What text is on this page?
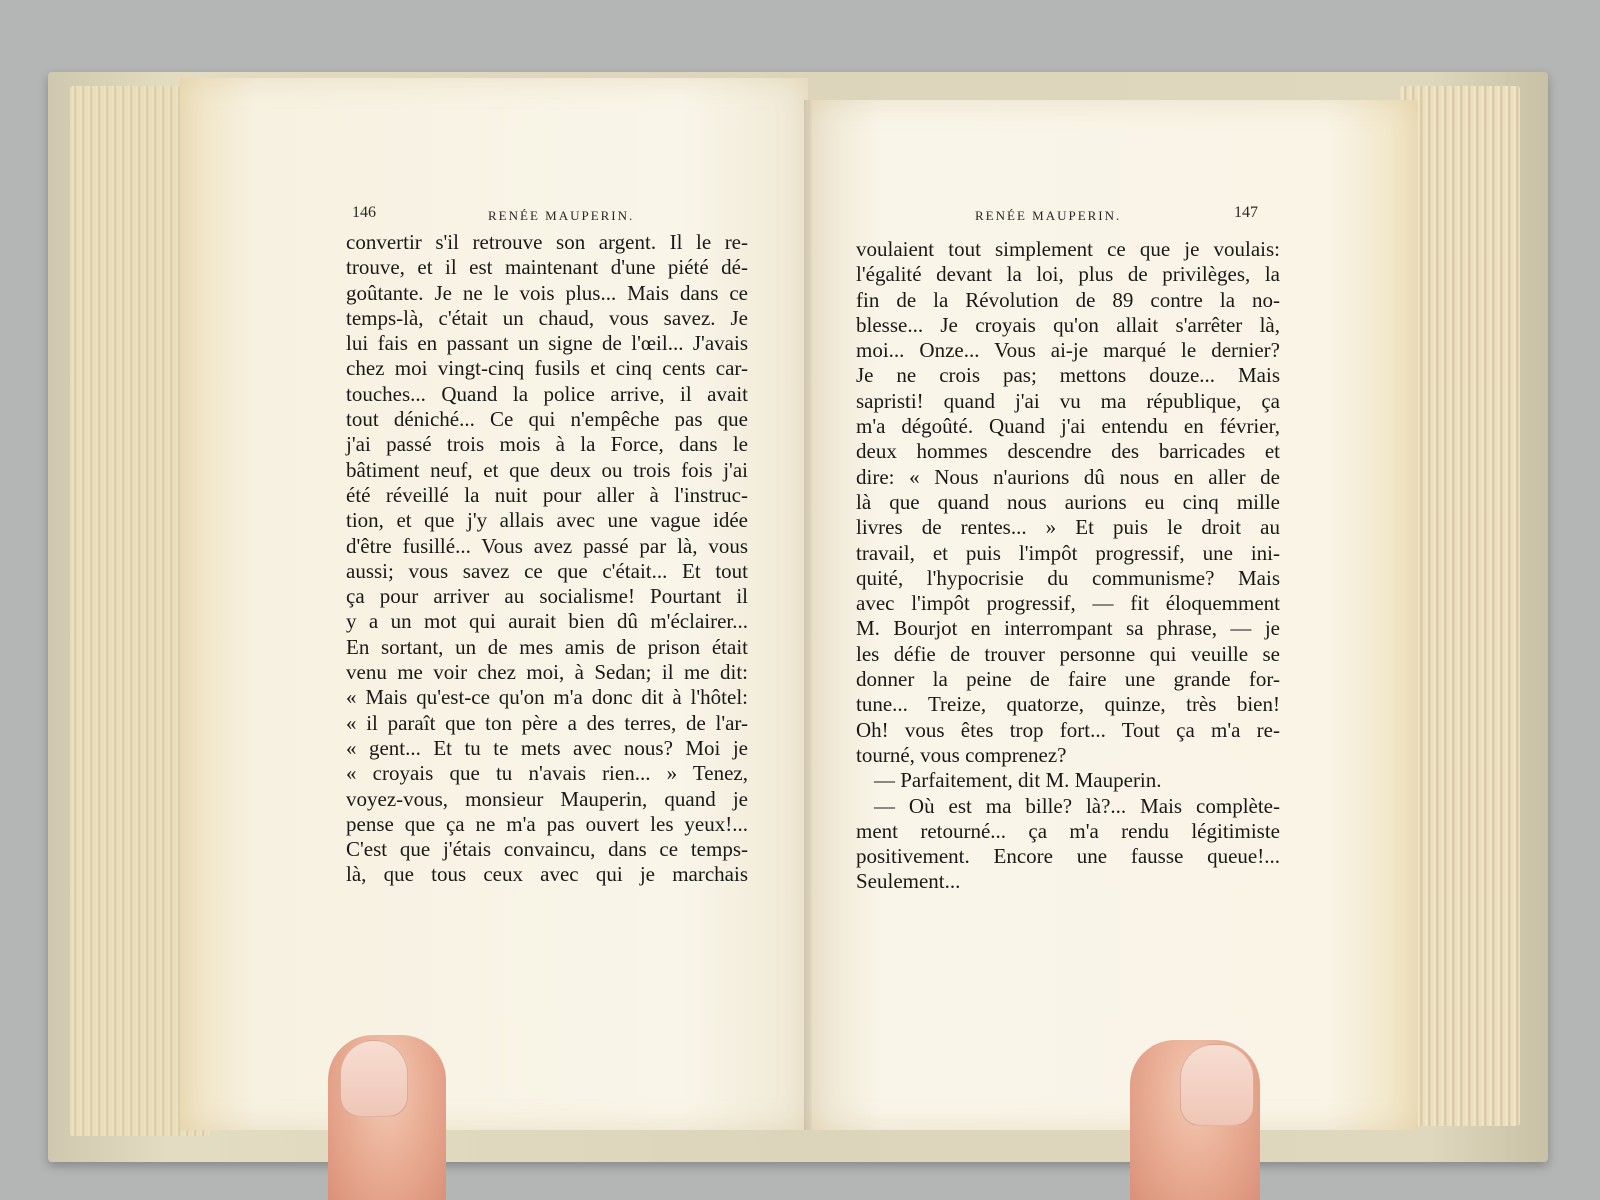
146	RENÉE MAUPERIN.	RENÉE MAUPERIN.	147
convertir s'il retrouve son argent. Il le re-
trouve, et il est maintenant d'une piété dé-
goûtante. Je ne le vois plus... Mais dans ce
temps-là, c'était un chaud, vous savez. Je
lui fais en passant un signe de l'œil... J'avais
chez moi vingt-cinq fusils et cinq cents car-
touches... Quand la police arrive, il avait
tout déniché... Ce qui n'empêche pas que
j'ai passé trois mois à la Force, dans le
bâtiment neuf, et que deux ou trois fois j'ai
été réveillé la nuit pour aller à l'instruc-
tion, et que j'y allais avec une vague idée
d'être fusillé... Vous avez passé par là, vous
aussi; vous savez ce que c'était... Et tout
ça pour arriver au socialisme! Pourtant il
y a un mot qui aurait bien dû m'éclairer...
En sortant, un de mes amis de prison était
venu me voir chez moi, à Sedan; il me dit:
« Mais qu'est-ce qu'on m'a donc dit à l'hôtel:
« il paraît que ton père a des terres, de l'ar-
« gent... Et tu te mets avec nous? Moi je
« croyais que tu n'avais rien... » Tenez,
voyez-vous, monsieur Mauperin, quand je
pense que ça ne m'a pas ouvert les yeux!...
C'est que j'étais convaincu, dans ce temps-
là, que tous ceux avec qui je marchais
voulaient tout simplement ce que je voulais:
l'égalité devant la loi, plus de privilèges, la
fin de la Révolution de 89 contre la no-
blesse... Je croyais qu'on allait s'arrêter là,
moi... Onze... Vous ai-je marqué le dernier?
Je ne crois pas; mettons douze... Mais
sapristi! quand j'ai vu ma république, ça
m'a dégoûté. Quand j'ai entendu en février,
deux hommes descendre des barricades et
dire: « Nous n'aurions dû nous en aller de
là que quand nous aurions eu cinq mille
livres de rentes... » Et puis le droit au
travail, et puis l'impôt progressif, une ini-
quité, l'hypocrisie du communisme? Mais
avec l'impôt progressif, — fit éloquemment
M. Bourjot en interrompant sa phrase, — je
les défie de trouver personne qui veuille se
donner la peine de faire une grande for-
tune... Treize, quatorze, quinze, très bien!
Oh! vous êtes trop fort... Tout ça m'a re-
tourné, vous comprenez?
— Parfaitement, dit M. Mauperin.
— Où est ma bille? là?... Mais complète-
ment retourné... ça m'a rendu légitimiste
positivement. Encore une fausse queue!...
Seulement...
